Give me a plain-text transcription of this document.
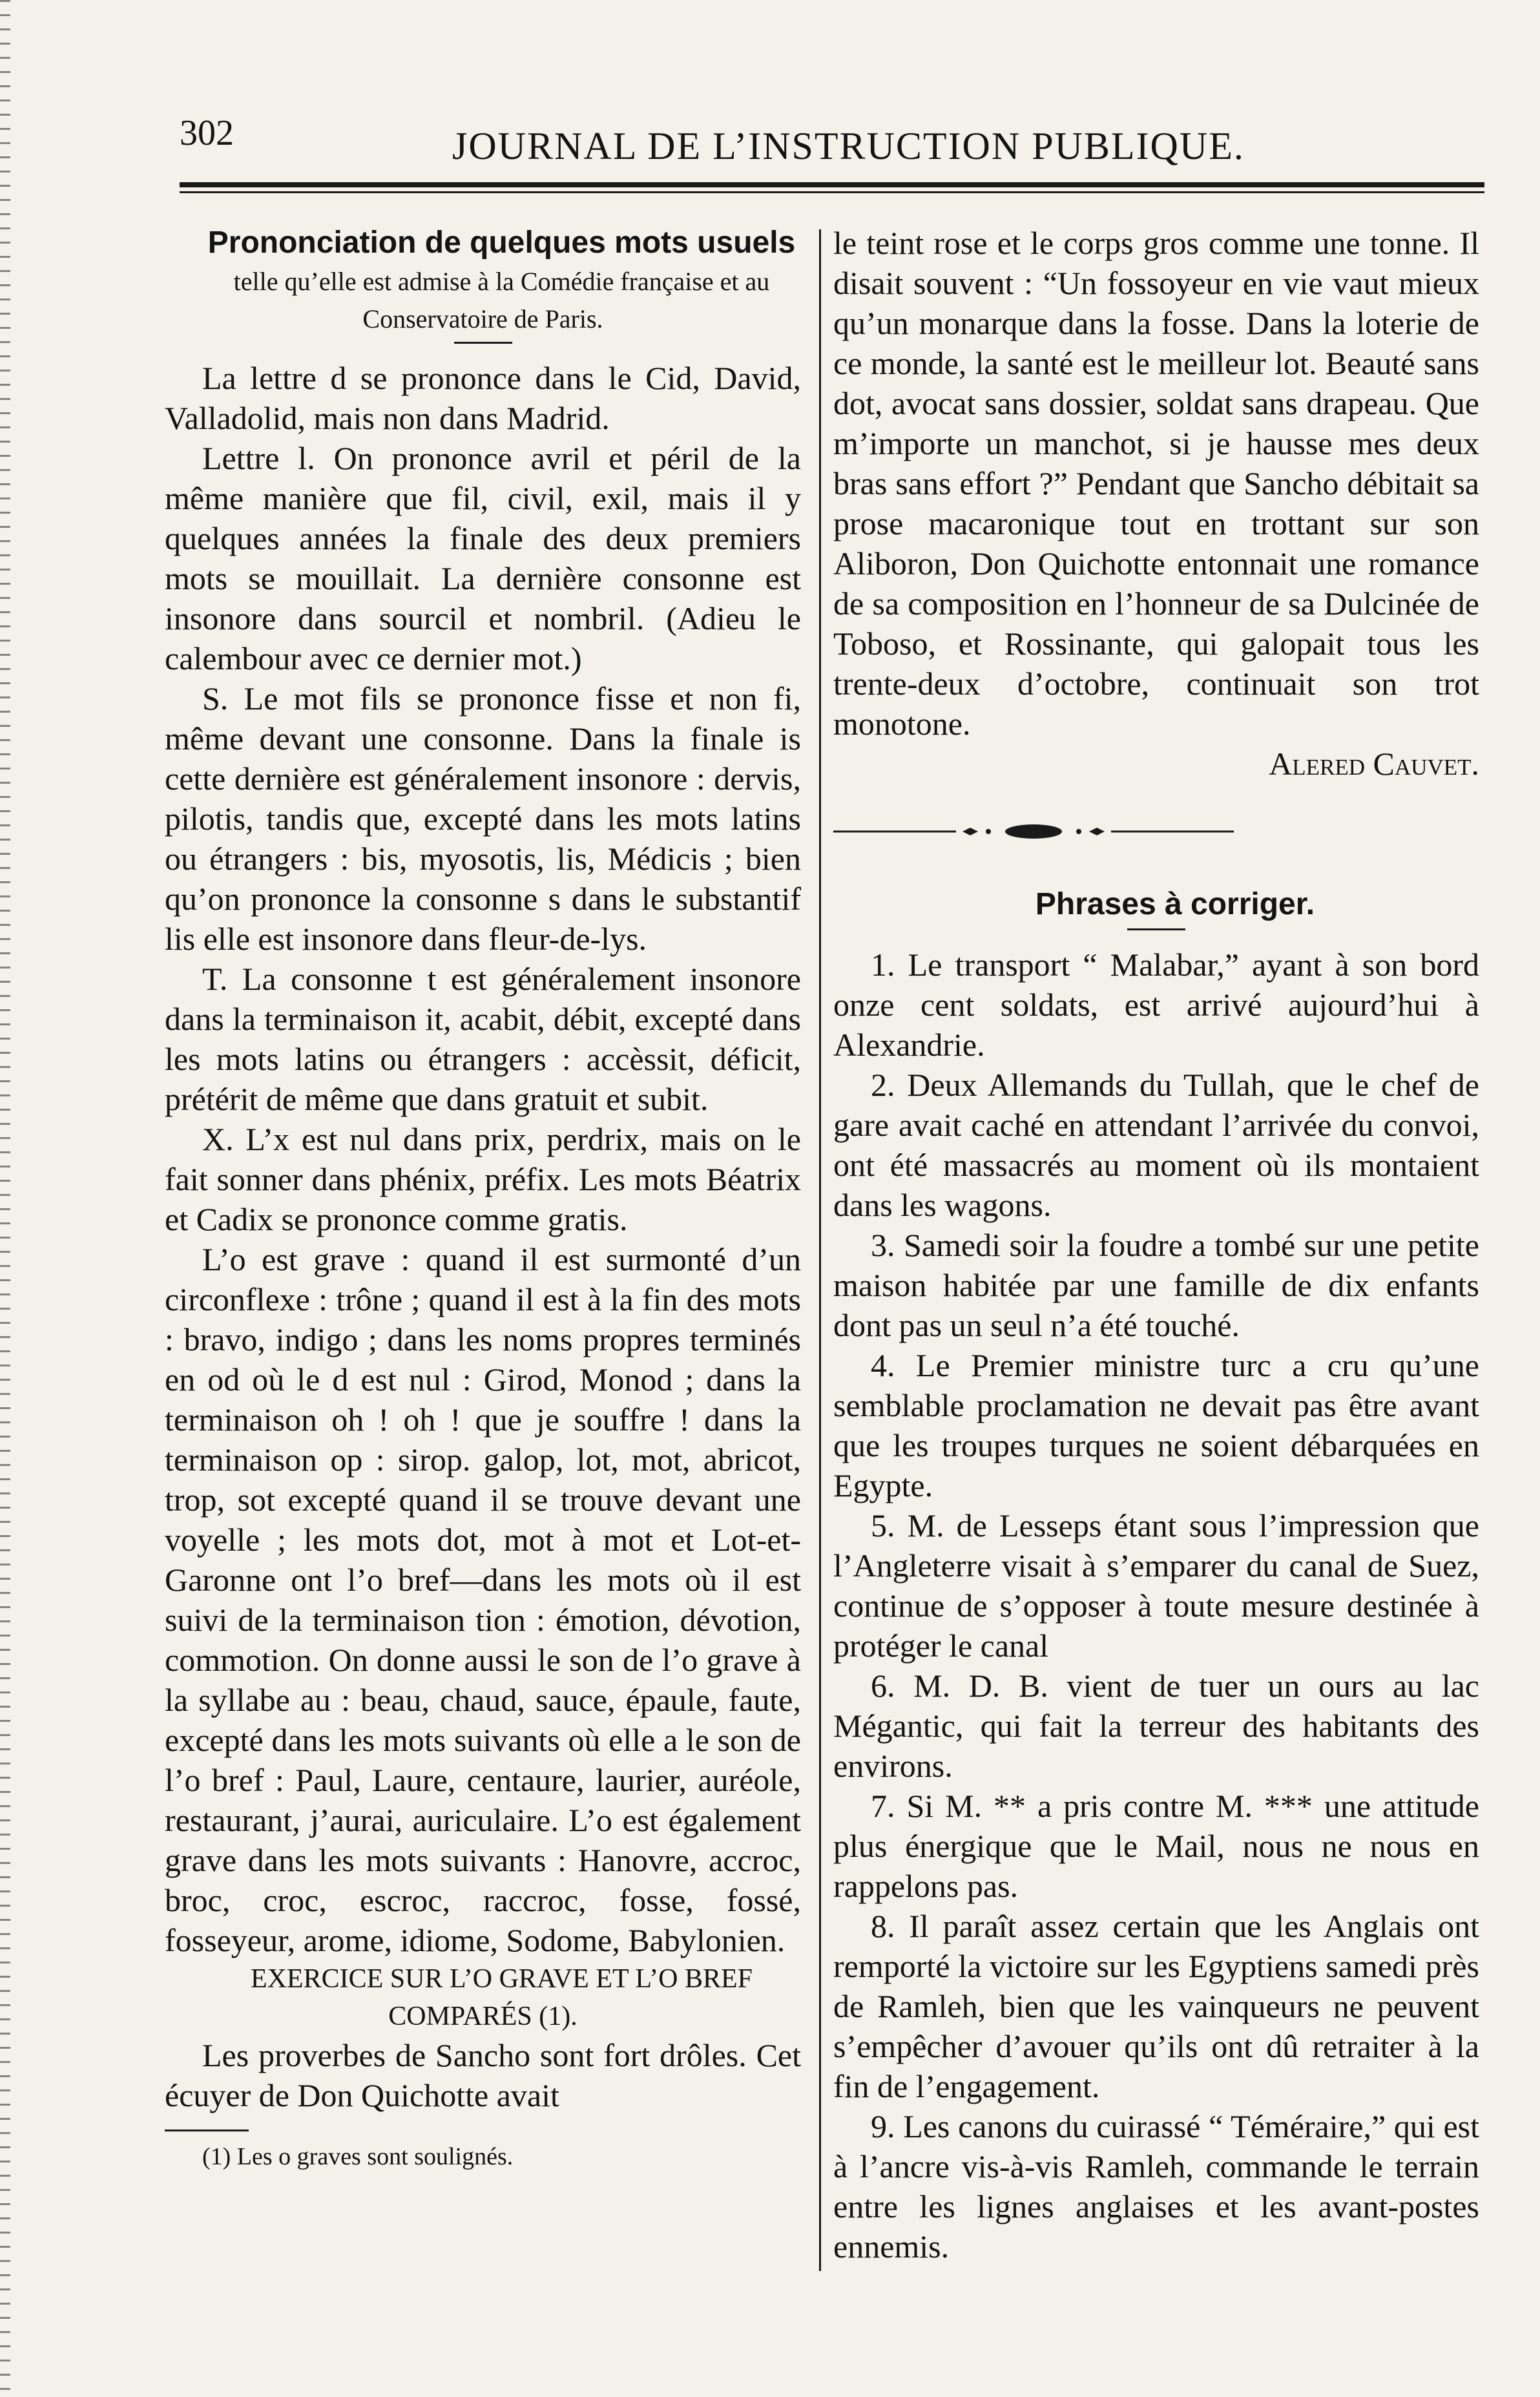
302	JOURNAL DE L’INSTRUCTION PUBLIQUE.

Prononciation de quelques mots usuels

telle qu’elle est admise à la Comédie française et au Conservatoire de Paris.

La lettre d se prononce dans le Cid, David, Valladolid, mais non dans Madrid.

Lettre l. On prononce avril et péril de la même manière que fil, civil, exil, mais il y quelques années la finale des deux premiers mots se mouillait. La dernière consonne est insonore dans sourcil et nombril. (Adieu le calembour avec ce dernier mot.)

S. Le mot fils se prononce fisse et non fi, même devant une consonne. Dans la finale is cette dernière est généralement insonore : dervis, pilotis, tandis que, excepté dans les mots latins ou étrangers : bis, myosotis, lis, Médicis ; bien qu’on prononce la consonne s dans le substantif lis elle est insonore dans fleur-de-lys.

T. La consonne t est généralement insonore dans la terminaison it, acabit, débit, excepté dans les mots latins ou étrangers : accèssit, déficit, prétérit de même que dans gratuit et subit.

X. L’x est nul dans prix, perdrix, mais on le fait sonner dans phénix, préfix. Les mots Béatrix et Cadix se prononce comme gratis.

L’o est grave : quand il est surmonté d’un circonflexe : trône ; quand il est à la fin des mots : bravo, indigo ; dans les noms propres terminés en od où le d est nul : Girod, Monod ; dans la terminaison oh ! oh ! que je souffre ! dans la terminaison op : sirop. galop, lot, mot, abricot, trop, sot excepté quand il se trouve devant une voyelle ; les mots dot, mot à mot et Lot-et-Garonne ont l’o bref—dans les mots où il est suivi de la terminaison tion : émotion, dévotion, commotion. On donne aussi le son de l’o grave à la syllabe au : beau, chaud, sauce, épaule, faute, excepté dans les mots suivants où elle a le son de l’o bref : Paul, Laure, centaure, laurier, auréole, restaurant, j’aurai, auriculaire. L’o est également grave dans les mots suivants : Hanovre, accroc, broc, croc, escroc, raccroc, fosse, fossé, fosseyeur, arome, idiome, Sodome, Babylonien.

EXERCICE SUR L’O GRAVE ET L’O BREF COMPARÉS (1).

Les proverbes de Sancho sont fort drôles. Cet écuyer de Don Quichotte avait

(1) Les o graves sont soulignés.

le teint rose et le corps gros comme une tonne. Il disait souvent : “Un fossoyeur en vie vaut mieux qu’un monarque dans la fosse. Dans la loterie de ce monde, la santé est le meilleur lot. Beauté sans dot, avocat sans dossier, soldat sans drapeau. Que m’importe un manchot, si je hausse mes deux bras sans effort ?” Pendant que Sancho débitait sa prose macaronique tout en trottant sur son Aliboron, Don Quichotte entonnait une romance de sa composition en l’honneur de sa Dulcinée de Toboso, et Rossinante, qui galopait tous les trente-deux d’octobre, continuait son trot monotone.

Alered Cauvet.

Phrases à corriger.

1. Le transport “ Malabar,” ayant à son bord onze cent soldats, est arrivé aujourd’hui à Alexandrie.

2. Deux Allemands du Tullah, que le chef de gare avait caché en attendant l’arrivée du convoi, ont été massacrés au moment où ils montaient dans les wagons.

3. Samedi soir la foudre a tombé sur une petite maison habitée par une famille de dix enfants dont pas un seul n’a été touché.

4. Le Premier ministre turc a cru qu’une semblable proclamation ne devait pas être avant que les troupes turques ne soient débarquées en Egypte.

5. M. de Lesseps étant sous l’impression que l’Angleterre visait à s’emparer du canal de Suez, continue de s’opposer à toute mesure destinée à protéger le canal

6. M. D. B. vient de tuer un ours au lac Mégantic, qui fait la terreur des habitants des environs.

7. Si M. ** a pris contre M. *** une attitude plus énergique que le Mail, nous ne nous en rappelons pas.

8. Il paraît assez certain que les Anglais ont remporté la victoire sur les Egyptiens samedi près de Ramleh, bien que les vainqueurs ne peuvent s’empêcher d’avouer qu’ils ont dû retraiter à la fin de l’engagement.

9. Les canons du cuirassé “ Téméraire,” qui est à l’ancre vis-à-vis Ramleh, commande le terrain entre les lignes anglaises et les avant-postes ennemis.
